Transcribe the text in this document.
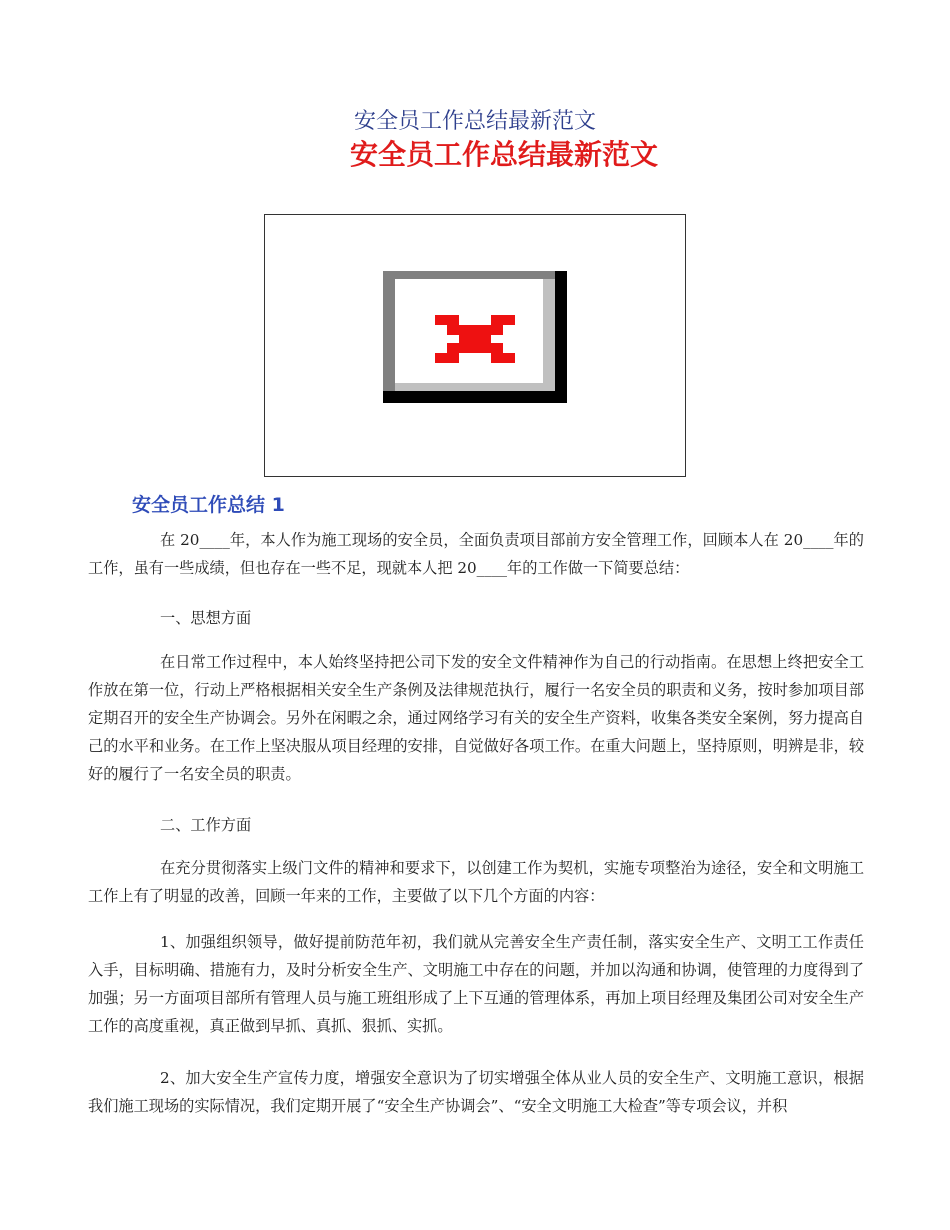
安全员工作总结最新范文
安全员工作总结最新范文
安全员工作总结 1

在 20____年，本人作为施工现场的安全员，全面负责项目部前方安全管理工作，回顾本人在 20____年的工作，虽有一些成绩，但也存在一些不足，现就本人把 20____年的工作做一下简要总结：

一、思想方面

在日常工作过程中，本人始终坚持把公司下发的安全文件精神作为自己的行动指南。在思想上终把安全工作放在第一位，行动上严格根据相关安全生产条例及法律规范执行，履行一名安全员的职责和义务，按时参加项目部定期召开的安全生产协调会。另外在闲暇之余，通过网络学习有关的安全生产资料，收集各类安全案例，努力提高自己的水平和业务。在工作上坚决服从项目经理的安排，自觉做好各项工作。在重大问题上，坚持原则，明辨是非，较好的履行了一名安全员的职责。

二、工作方面

在充分贯彻落实上级门文件的精神和要求下，以创建工作为契机，实施专项整治为途径，安全和文明施工工作上有了明显的改善，回顾一年来的工作，主要做了以下几个方面的内容：

1、加强组织领导，做好提前防范年初，我们就从完善安全生产责任制，落实安全生产、文明工工作责任入手，目标明确、措施有力，及时分析安全生产、文明施工中存在的问题，并加以沟通和协调，使管理的力度得到了加强；另一方面项目部所有管理人员与施工班组形成了上下互通的管理体系，再加上项目经理及集团公司对安全生产工作的高度重视，真正做到早抓、真抓、狠抓、实抓。

2、加大安全生产宣传力度，增强安全意识为了切实增强全体从业人员的安全生产、文明施工意识，根据我们施工现场的实际情况，我们定期开展了“安全生产协调会”、“安全文明施工大检查”等专项会议，并积
